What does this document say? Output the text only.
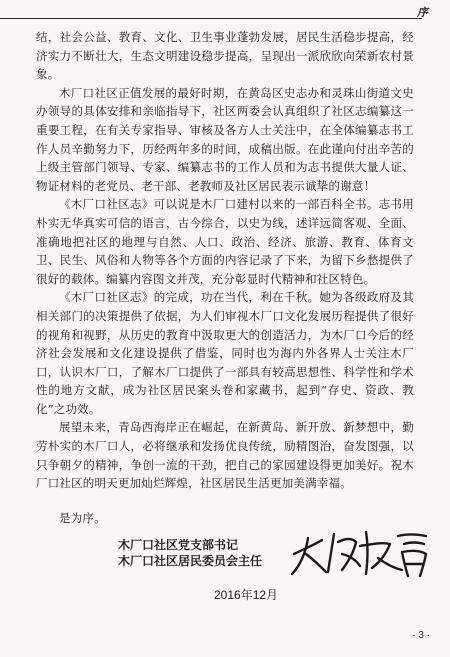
序

结，社会公益、教育、文化、卫生事业蓬勃发展，居民生活稳步提高，经济实力不断壮大，生态文明建设稳步提高，呈现出一派欣欣向荣新农村景象。

木厂口社区正值发展的最好时期，在黄岛区史志办和灵珠山街道文史办领导的具体安排和亲临指导下，社区两委会认真组织了社区志编纂这一重要工程，在有关专家指导、审核及各方人士关注中，在全体编纂志书工作人员辛勤努力下，历经两年多的时间，成稿出版。在此谨向付出辛苦的上级主管部门领导、专家、编纂志书的工作人员和为志书提供大量人证、物证材料的老党员、老干部、老教师及社区居民表示诚挚的谢意！

《木厂口社区志》可以说是木厂口建村以来的一部百科全书。志书用朴实无华真实可信的语言，古今综合，以史为线，述详远简客观、全面、准确地把社区的地理与自然、人口、政治、经济、旅游、教育、体育文卫、民生、风俗和人物等各个方面的内容记录了下来，为留下乡愁提供了很好的载体。编纂内容图文并茂，充分彰显时代精神和社区特色。

《木厂口社区志》的完成，功在当代，利在千秋。她为各级政府及其相关部门的决策提供了依据，为人们审视木厂口文化发展历程提供了很好的视角和视野，从历史的教育中汲取更大的创造活力，为木厂口今后的经济社会发展和文化建设提供了借鉴，同时也为海内外各界人士关注木厂口，认识木厂口，了解木厂口提供了一部具有较高思想性、科学性和学术性的地方文献，成为社区居民案头卷和家藏书，起到“存史、资政、教化”之功效。

展望未来，青岛西海岸正在崛起，在新黄岛、新开放、新梦想中，勤劳朴实的木厂口人，必将继承和发扬优良传统，励精图治，奋发图强，以只争朝夕的精神，争创一流的干劲，把自己的家园建设得更加美好。祝木厂口社区的明天更加灿烂辉煌，社区居民生活更加美满幸福。

是为序。

木厂口社区党支部书记
木厂口社区居民委员会主任
2016年12月
· 3 ·
